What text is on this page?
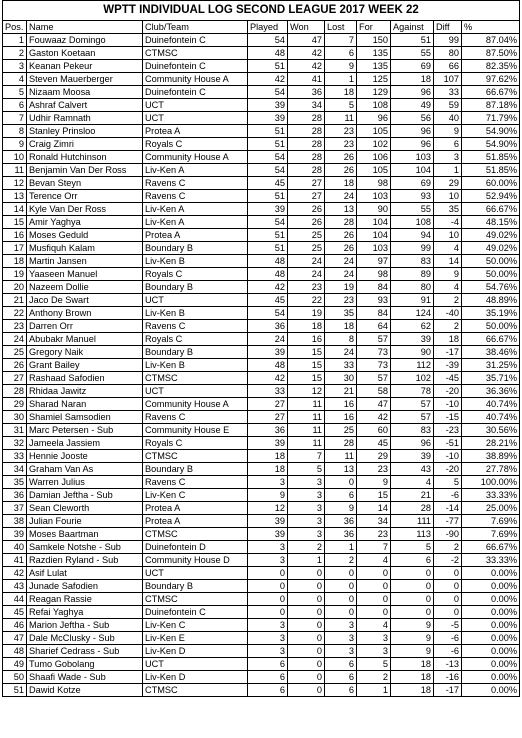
WPTT INDIVIDUAL LOG SECOND LEAGUE 2017 WEEK 22									
Pos.	Name	Club/Team	Played	Won	Lost	For	Against	Diff	%
1	Fouwaaz Domingo	Duinefontein C	54	47	7	150	51	99	87.04%
2	Gaston Koetaan	CTMSC	48	42	6	135	55	80	87.50%
3	Keanan Pekeur	Duinefontein C	51	42	9	135	69	66	82.35%
4	Steven Mauerberger	Community House A	42	41	1	125	18	107	97.62%
5	Nizaam Moosa	Duinefontein C	54	36	18	129	96	33	66.67%
6	Ashraf Calvert	UCT	39	34	5	108	49	59	87.18%
7	Udhir Ramnath	UCT	39	28	11	96	56	40	71.79%
8	Stanley Prinsloo	Protea A	51	28	23	105	96	9	54.90%
9	Craig Zimri	Royals C	51	28	23	102	96	6	54.90%
10	Ronald Hutchinson	Community House A	54	28	26	106	103	3	51.85%
11	Benjamin Van Der Ross	Liv-Ken A	54	28	26	105	104	1	51.85%
12	Bevan Steyn	Ravens C	45	27	18	98	69	29	60.00%
13	Terence Orr	Ravens C	51	27	24	103	93	10	52.94%
14	Kyle Van Der Ross	Liv-Ken A	39	26	13	90	55	35	66.67%
15	Amir Yaghya	Liv-Ken A	54	26	28	104	108	-4	48.15%
16	Moses Geduld	Protea A	51	25	26	104	94	10	49.02%
17	Musfiquh Kalam	Boundary B	51	25	26	103	99	4	49.02%
18	Martin Jansen	Liv-Ken B	48	24	24	97	83	14	50.00%
19	Yaaseen Manuel	Royals C	48	24	24	98	89	9	50.00%
20	Nazeem Dollie	Boundary B	42	23	19	84	80	4	54.76%
21	Jaco De Swart	UCT	45	22	23	93	91	2	48.89%
22	Anthony Brown	Liv-Ken B	54	19	35	84	124	-40	35.19%
23	Darren Orr	Ravens C	36	18	18	64	62	2	50.00%
24	Abubakr Manuel	Royals C	24	16	8	57	39	18	66.67%
25	Gregory Naik	Boundary B	39	15	24	73	90	-17	38.46%
26	Grant Bailey	Liv-Ken B	48	15	33	73	112	-39	31.25%
27	Rashaad Safodien	CTMSC	42	15	30	57	102	-45	35.71%
28	Rhidaa Jawitz	UCT	33	12	21	58	78	-20	36.36%
29	Sharad Naran	Community House A	27	11	16	47	57	-10	40.74%
30	Shamiel Samsodien	Ravens C	27	11	16	42	57	-15	40.74%
31	Marc Petersen - Sub	Community House E	36	11	25	60	83	-23	30.56%
32	Jameela Jassiem	Royals C	39	11	28	45	96	-51	28.21%
33	Hennie Jooste	CTMSC	18	7	11	29	39	-10	38.89%
34	Graham Van As	Boundary B	18	5	13	23	43	-20	27.78%
35	Warren Julius	Ravens C	3	3	0	9	4	5	100.00%
36	Damian Jeftha - Sub	Liv-Ken C	9	3	6	15	21	-6	33.33%
37	Sean Cleworth	Protea A	12	3	9	14	28	-14	25.00%
38	Julian Fourie	Protea A	39	3	36	34	111	-77	7.69%
39	Moses Baartman	CTMSC	39	3	36	23	113	-90	7.69%
40	Samkele Notshe - Sub	Duinefontein D	3	2	1	7	5	2	66.67%
41	Razdien Ryland - Sub	Community House D	3	1	2	4	6	-2	33.33%
42	Asif Lulat	UCT	0	0	0	0	0	0	0.00%
43	Junade Safodien	Boundary B	0	0	0	0	0	0	0.00%
44	Reagan Rassie	CTMSC	0	0	0	0	0	0	0.00%
45	Refai Yaghya	Duinefontein C	0	0	0	0	0	0	0.00%
46	Marion Jeftha - Sub	Liv-Ken C	3	0	3	4	9	-5	0.00%
47	Dale McClusky - Sub	Liv-Ken E	3	0	3	3	9	-6	0.00%
48	Sharief Cedrass - Sub	Liv-Ken D	3	0	3	3	9	-6	0.00%
49	Tumo Gobolang	UCT	6	0	6	5	18	-13	0.00%
50	Shaafi Wade - Sub	Liv-Ken D	6	0	6	2	18	-16	0.00%
51	Dawid Kotze	CTMSC	6	0	6	1	18	-17	0.00%
